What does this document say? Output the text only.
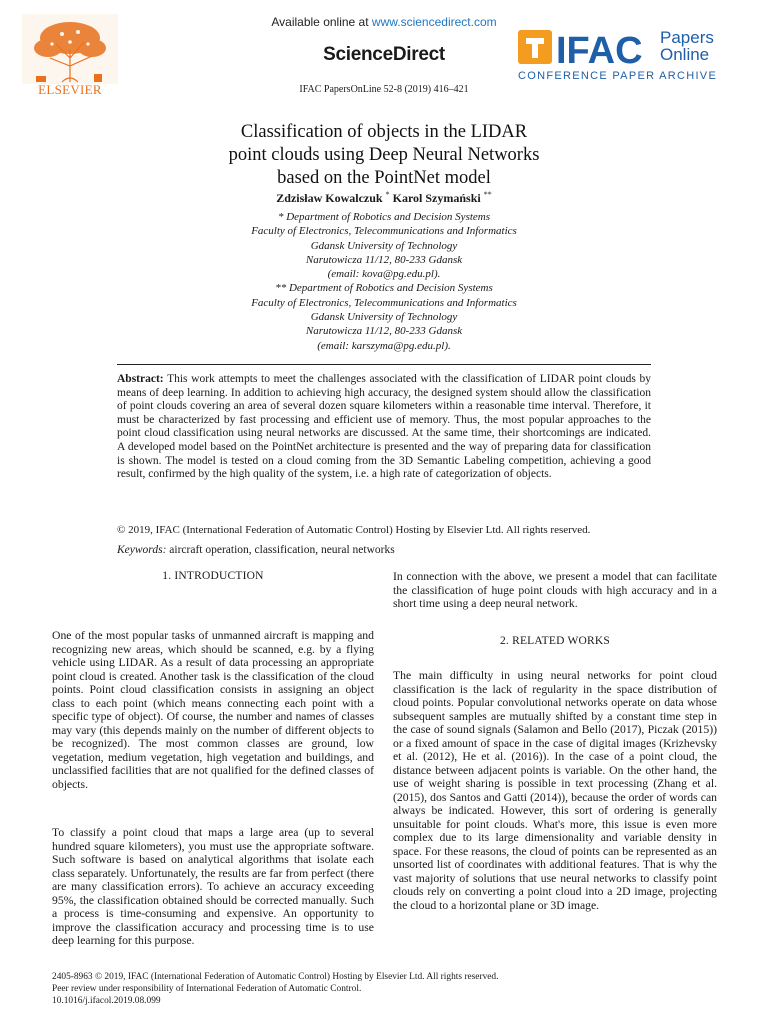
ELSEVIER
Available online at www.sciencedirect.com
ScienceDirect
IFAC PapersOnLine 52-8 (2019) 416–421
IFAC Papers
Online
CONFERENCE PAPER ARCHIVE
Classification of objects in the LIDAR
point clouds using Deep Neural Networks
based on the PointNet model
Zdzisław Kowalczuk * Karol Szymański **
* Department of Robotics and Decision Systems
Faculty of Electronics, Telecommunications and Informatics
Gdansk University of Technology
Narutowicza 11/12, 80-233 Gdansk
(email: kova@pg.edu.pl).
** Department of Robotics and Decision Systems
Faculty of Electronics, Telecommunications and Informatics
Gdansk University of Technology
Narutowicza 11/12, 80-233 Gdansk
(email: karszyma@pg.edu.pl).
Abstract: This work attempts to meet the challenges associated with the classification of LIDAR point clouds by means of deep learning. In addition to achieving high accuracy, the designed system should allow the classification of point clouds covering an area of several dozen square kilometers within a reasonable time interval. Therefore, it must be characterized by fast processing and efficient use of memory. Thus, the most popular approaches to the point cloud classification using neural networks are discussed. At the same time, their shortcomings are indicated. A developed model based on the PointNet architecture is presented and the way of preparing data for classification is shown. The model is tested on a cloud coming from the 3D Semantic Labeling competition, achieving a good result, confirmed by the high quality of the system, i.e. a high rate of categorization of objects.
© 2019, IFAC (International Federation of Automatic Control) Hosting by Elsevier Ltd. All rights reserved.
Keywords: aircraft operation, classification, neural networks
1. INTRODUCTION
One of the most popular tasks of unmanned aircraft is mapping and recognizing new areas, which should be scanned, e.g. by a flying vehicle using LIDAR. As a result of data processing an appropriate point cloud is created. Another task is the classification of the cloud points. Point cloud classification consists in assigning an object class to each point (which means connecting each point with a specific type of object). Of course, the number and names of classes may vary (this depends mainly on the number of different objects to be recognized). The most common classes are ground, low vegetation, medium vegetation, high vegetation and buildings, and unclassified facilities that are not qualified for the defined classes of objects.
To classify a point cloud that maps a large area (up to several hundred square kilometers), you must use the appropriate software. Such software is based on analytical algorithms that isolate each class separately. Unfortunately, the results are far from perfect (there are many classification errors). To achieve an accuracy exceeding 95%, the classification obtained should be corrected manually. Such a process is time-consuming and expensive. An opportunity to improve the classification accuracy and processing time is to use deep learning for this purpose.
In connection with the above, we present a model that can facilitate the classification of huge point clouds with high accuracy and in a short time using a deep neural network.
2. RELATED WORKS
The main difficulty in using neural networks for point cloud classification is the lack of regularity in the space distribution of cloud points. Popular convolutional networks operate on data whose subsequent samples are mutually shifted by a constant time step in the case of sound signals (Salamon and Bello (2017), Piczak (2015)) or a fixed amount of space in the case of digital images (Krizhevsky et al. (2012), He et al. (2016)). In the case of a point cloud, the distance between adjacent points is variable. On the other hand, the use of weight sharing is possible in text processing (Zhang et al. (2015), dos Santos and Gatti (2014)), because the order of words can always be indicated. However, this sort of ordering is generally unsuitable for point clouds. What's more, this issue is even more complex due to its large dimensionality and variable density in space. For these reasons, the cloud of points can be represented as an unsorted list of coordinates with additional features. That is why the vast majority of solutions that use neural networks to classify point clouds rely on converting a point cloud into a 2D image, projecting the cloud to a horizontal plane or 3D image.
2405-8963 © 2019, IFAC (International Federation of Automatic Control) Hosting by Elsevier Ltd. All rights reserved.
Peer review under responsibility of International Federation of Automatic Control.
10.1016/j.ifacol.2019.08.099
